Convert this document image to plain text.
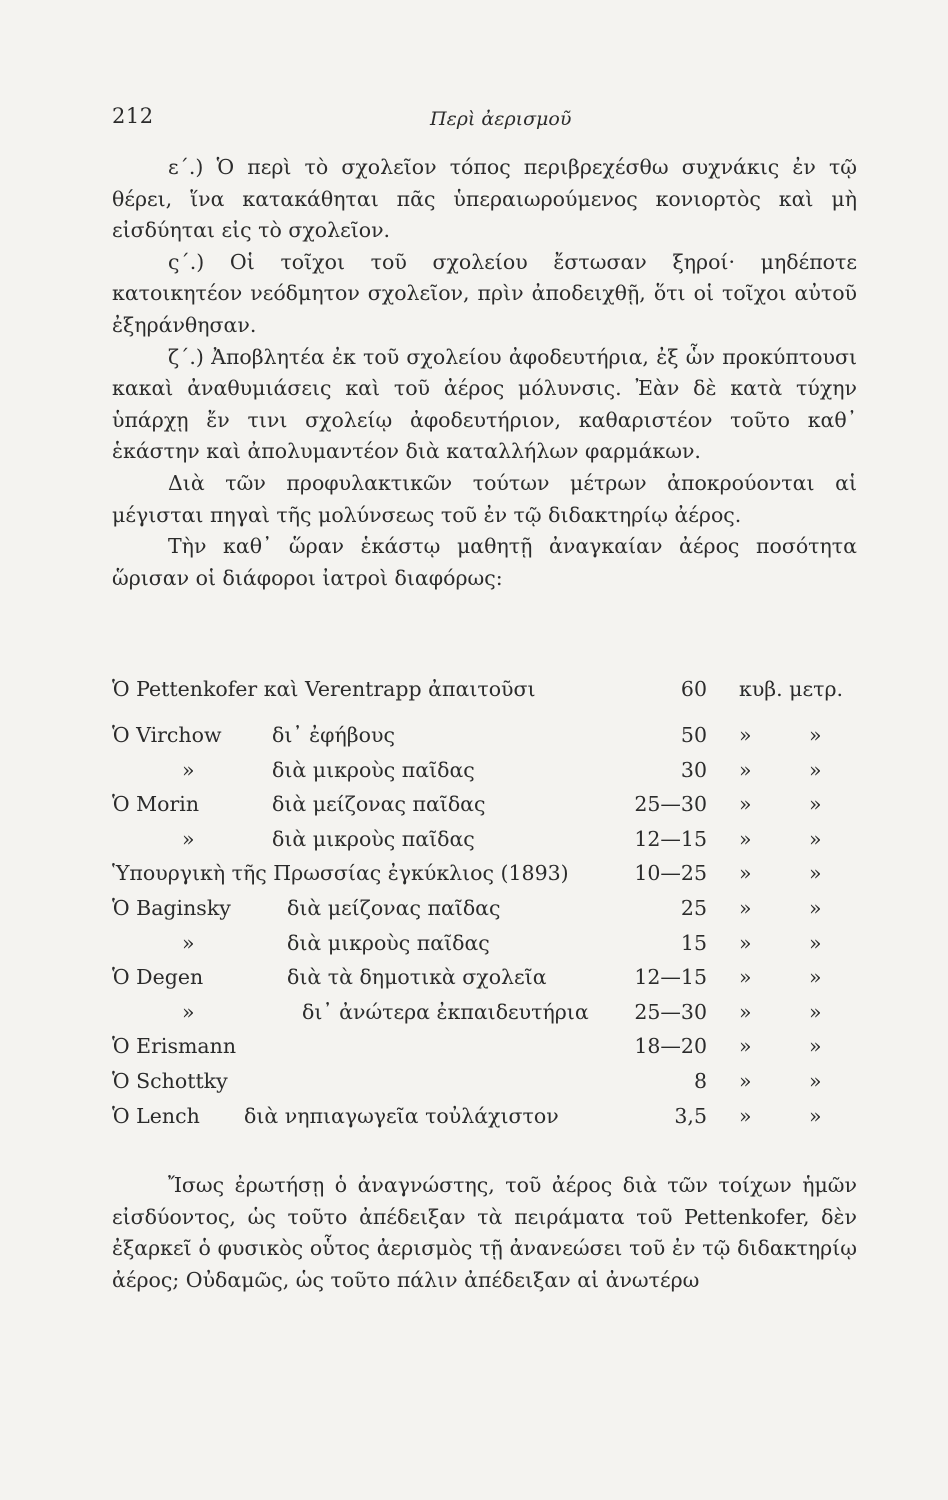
212	Περὶ ἀερισμοῦ

ε΄.) Ὁ περὶ τὸ σχολεῖον τόπος περιβρεχέσθω συχνάκις ἐν τῷ θέρει, ἵνα κατακάθηται πᾶς ὑπεραιωρούμενος κονιορτὸς καὶ μὴ εἰσδύηται εἰς τὸ σχολεῖον.

ς΄.) Οἱ τοῖχοι τοῦ σχολείου ἔστωσαν ξηροί· μηδέποτε κατοικητέον νεόδμητον σχολεῖον, πρὶν ἀποδειχθῇ, ὅτι οἱ τοῖχοι αὐτοῦ ἐξηράνθησαν.

ζ΄.) Ἀποβλητέα ἐκ τοῦ σχολείου ἀφοδευτήρια, ἐξ ὧν προκύπτουσι κακαὶ ἀναθυμιάσεις καὶ τοῦ ἀέρος μόλυνσις. Ἐὰν δὲ κατὰ τύχην ὑπάρχῃ ἔν τινι σχολείῳ ἀφοδευτήριον, καθαριστέον τοῦτο καθ᾽ ἑκάστην καὶ ἀπολυμαντέον διὰ καταλλήλων φαρμάκων.

Διὰ τῶν προφυλακτικῶν τούτων μέτρων ἀποκρούονται αἱ μέγισται πηγαὶ τῆς μολύνσεως τοῦ ἐν τῷ διδακτηρίῳ ἀέρος.

Τὴν καθ᾽ ὥραν ἑκάστῳ μαθητῇ ἀναγκαίαν ἀέρος ποσότητα ὥρισαν οἱ διάφοροι ἰατροὶ διαφόρως:

Ὁ Pettenkofer καὶ Verentrapp ἀπαιτοῦσι	60 κυβ. μετρ.
Ὁ Virchow δι᾽ ἐφήβους	50 »	»
»	διὰ μικροὺς παῖδας	30 »	»
Ὁ Morin	διὰ μείζονας παῖδας	25—30 »	»
»	διὰ μικροὺς παῖδας	12—15 »	»
Ὑπουργικὴ τῆς Πρωσσίας ἐγκύκλιος (1893)	10—25 »	»
Ὁ Baginsky	διὰ μείζονας παῖδας	25 »	»
»	διὰ μικροὺς παῖδας	15 »	»
Ὁ Degen	διὰ τὰ δημοτικὰ σχολεῖα	12—15 »	»
»	δι᾽ ἀνώτερα ἐκπαιδευτήρια 25—30 »	»
Ὁ Erismann	18—20 »	»
Ὁ Schottky	8 »	»
Ὁ Lench διὰ νηπιαγωγεῖα τοὐλάχιστον	3,5 »	»

Ἴσως ἐρωτήσῃ ὁ ἀναγνώστης, τοῦ ἀέρος διὰ τῶν τοίχων ἡμῶν εἰσδύοντος, ὡς τοῦτο ἀπέδειξαν τὰ πειράματα τοῦ Pettenkofer, δὲν ἐξαρκεῖ ὁ φυσικὸς οὗτος ἀερισμὸς τῇ ἀνανεώσει τοῦ ἐν τῷ διδακτηρίῳ ἀέρος; Οὐδαμῶς, ὡς τοῦτο πάλιν ἀπέδειξαν αἱ ἀνωτέρω
